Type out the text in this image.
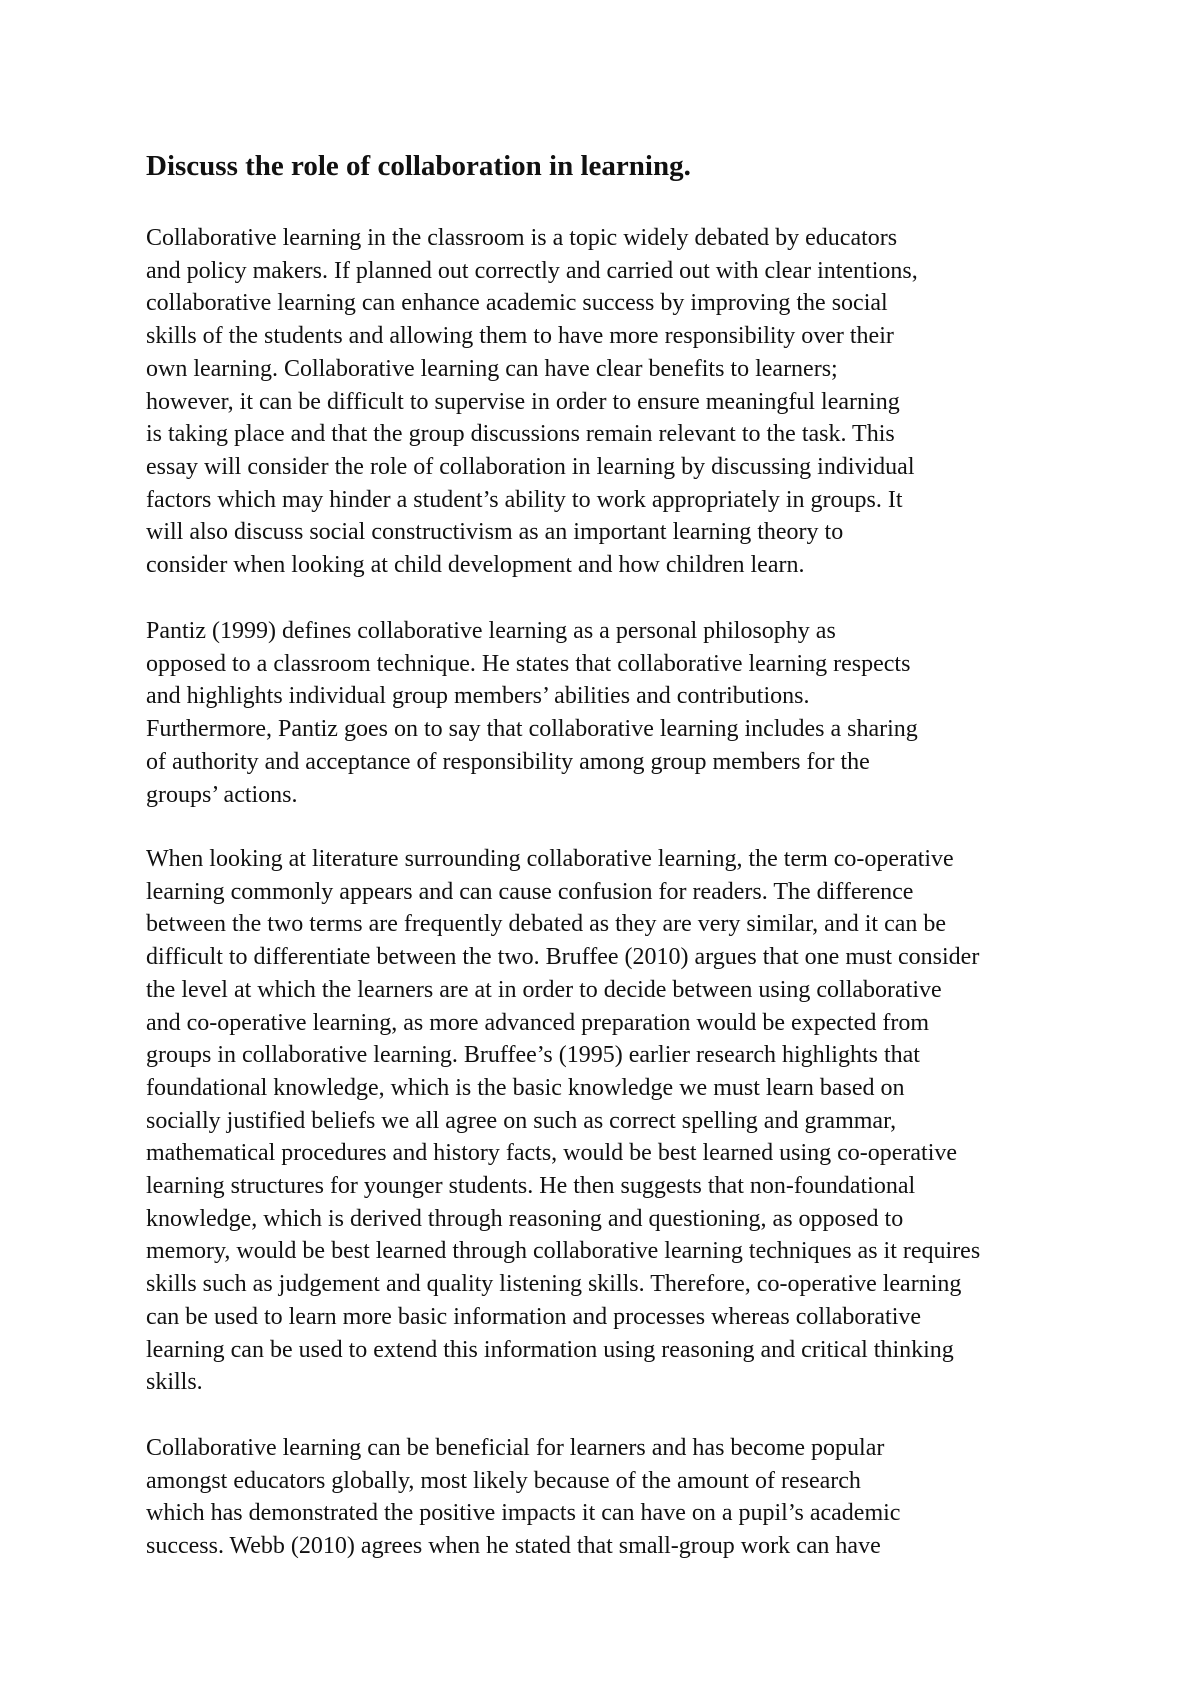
Discuss the role of collaboration in learning.

Collaborative learning in the classroom is a topic widely debated by educators
and policy makers. If planned out correctly and carried out with clear intentions,
collaborative learning can enhance academic success by improving the social
skills of the students and allowing them to have more responsibility over their
own learning. Collaborative learning can have clear benefits to learners;
however, it can be difficult to supervise in order to ensure meaningful learning
is taking place and that the group discussions remain relevant to the task. This
essay will consider the role of collaboration in learning by discussing individual
factors which may hinder a student’s ability to work appropriately in groups. It
will also discuss social constructivism as an important learning theory to
consider when looking at child development and how children learn.

Pantiz (1999) defines collaborative learning as a personal philosophy as
opposed to a classroom technique. He states that collaborative learning respects
and highlights individual group members’ abilities and contributions.
Furthermore, Pantiz goes on to say that collaborative learning includes a sharing
of authority and acceptance of responsibility among group members for the
groups’ actions.

When looking at literature surrounding collaborative learning, the term co-operative
learning commonly appears and can cause confusion for readers. The difference
between the two terms are frequently debated as they are very similar, and it can be
difficult to differentiate between the two. Bruffee (2010) argues that one must consider
the level at which the learners are at in order to decide between using collaborative
and co-operative learning, as more advanced preparation would be expected from
groups in collaborative learning. Bruffee’s (1995) earlier research highlights that
foundational knowledge, which is the basic knowledge we must learn based on
socially justified beliefs we all agree on such as correct spelling and grammar,
mathematical procedures and history facts, would be best learned using co-operative
learning structures for younger students. He then suggests that non-foundational
knowledge, which is derived through reasoning and questioning, as opposed to
memory, would be best learned through collaborative learning techniques as it requires
skills such as judgement and quality listening skills. Therefore, co-operative learning
can be used to learn more basic information and processes whereas collaborative
learning can be used to extend this information using reasoning and critical thinking
skills.

Collaborative learning can be beneficial for learners and has become popular
amongst educators globally, most likely because of the amount of research
which has demonstrated the positive impacts it can have on a pupil’s academic
success. Webb (2010) agrees when he stated that small-group work can have
